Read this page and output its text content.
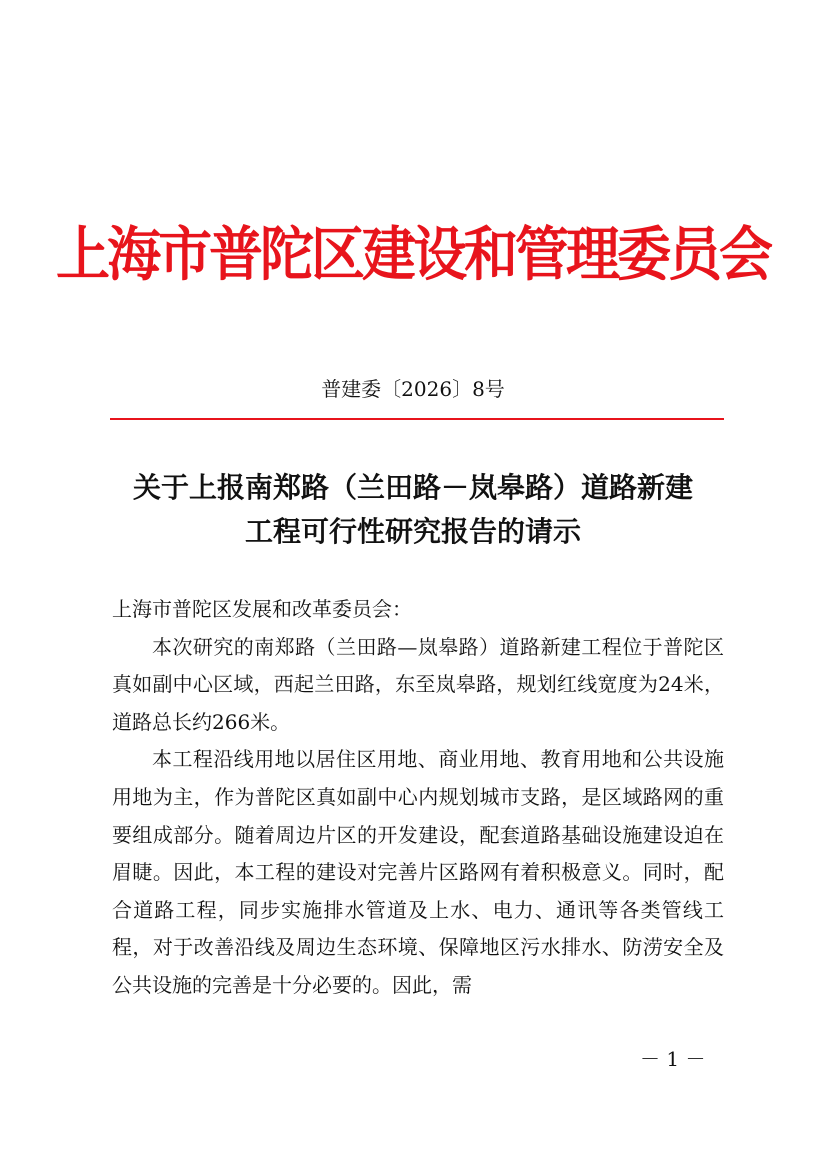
上海市普陀区建设和管理委员会
普建委〔2026〕8号
关于上报南郑路（兰田路－岚皋路）道路新建
工程可行性研究报告的请示
上海市普陀区发展和改革委员会：

本次研究的南郑路（兰田路—岚皋路）道路新建工程位于普陀区真如副中心区域，西起兰田路，东至岚皋路，规划红线宽度为24米，道路总长约266米。

本工程沿线用地以居住区用地、商业用地、教育用地和公共设施用地为主，作为普陀区真如副中心内规划城市支路，是区域路网的重要组成部分。随着周边片区的开发建设，配套道路基础设施建设迫在眉睫。因此，本工程的建设对完善片区路网有着积极意义。同时，配合道路工程，同步实施排水管道及上水、电力、通讯等各类管线工程，对于改善沿线及周边生态环境、保障地区污水排水、防涝安全及公共设施的完善是十分必要的。因此，需

－ 1 －
